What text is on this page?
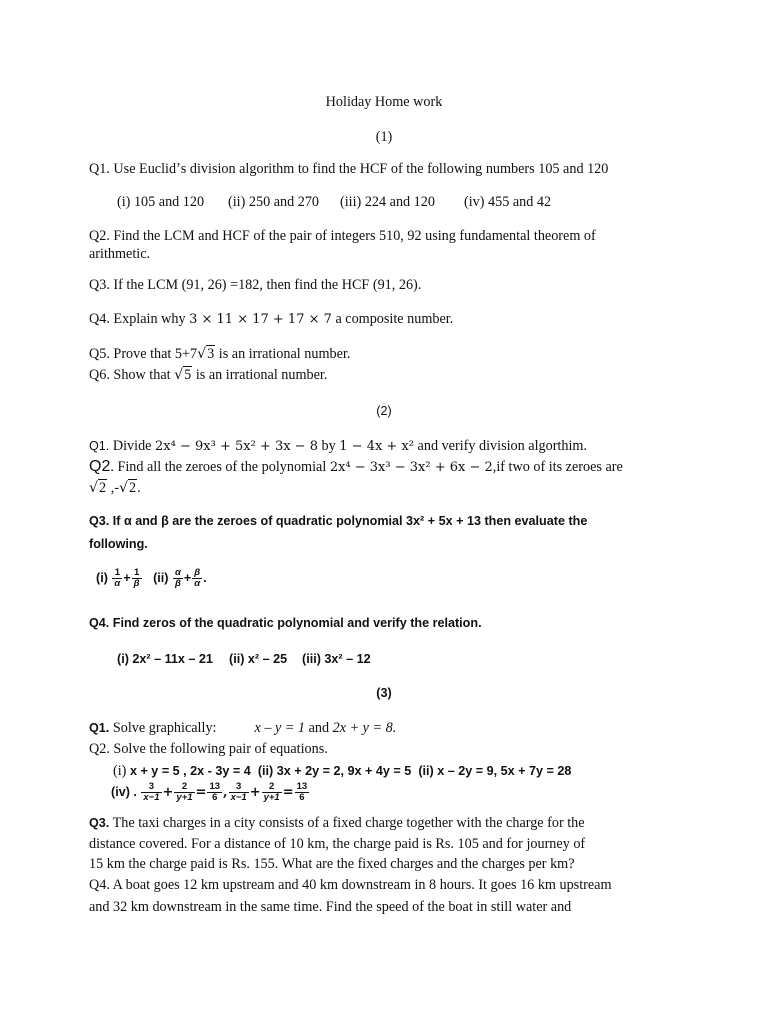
Holiday Home work
(1)
Q1. Use Euclidʼs division algorithm to find the HCF of the following numbers 105 and 120
(i) 105 and 120 (ii) 250 and 270 (iii) 224 and 120 (iv) 455 and 42
Q2. Find the LCM and HCF of the pair of integers 510, 92 using fundamental theorem of
arithmetic.
Q3. If the LCM (91, 26) =182, then find the HCF (91, 26).
Q4. Explain why 3 × 11 × 17 + 17 × 7 a composite number.
Q5. Prove that 5+7√3 is an irrational number.
Q6. Show that √5 is an irrational number.
(2)
Q1. Divide 2x⁴ − 9x³ + 5x² + 3x − 8 by 1 − 4x + x² and verify division algorthim.
Q2. Find all the zeroes of the polynomial 2x⁴ − 3x³ − 3x² + 6x − 2,if two of its zeroes are
√2 ,-√2.
Q3. If α and β are the zeroes of quadratic polynomial 3x² + 5x + 13 then evaluate the
following.
$(i) \frac{1}{\alpha} + \frac{1}{\beta} (ii) \frac{\alpha}{\beta} + \frac{\beta}{\alpha}$ .
Q4. Find zeros of the quadratic polynomial and verify the relation.
(i) 2x² – 11x – 21 (ii) x² – 25 (iii) 3x² – 12
(3)
Q1. Solve graphically:	x – y = 1 and 2x + y = 8.
Q2. Solve the following pair of equations.
(i) x + y = 5 , 2x - 3y = 4 (ii) 3x + 2y = 2, 9x + 4y = 5 (ii) x – 2y = 9, 5x + 7y = 28
(iv) . $\frac{3}{x-1} + \frac{2}{y+1} = \frac{13}{6}$ , $\frac{3}{x-1} + \frac{2}{y+1} = \frac{13}{6}$
Q3. The taxi charges in a city consists of a fixed charge together with the charge for the
distance covered. For a distance of 10 km, the charge paid is Rs. 105 and for journey of
15 km the charge paid is Rs. 155. What are the fixed charges and the charges per km?
Q4. A boat goes 12 km upstream and 40 km downstream in 8 hours. It goes 16 km upstream
and 32 km downstream in the same time. Find the speed of the boat in still water and
